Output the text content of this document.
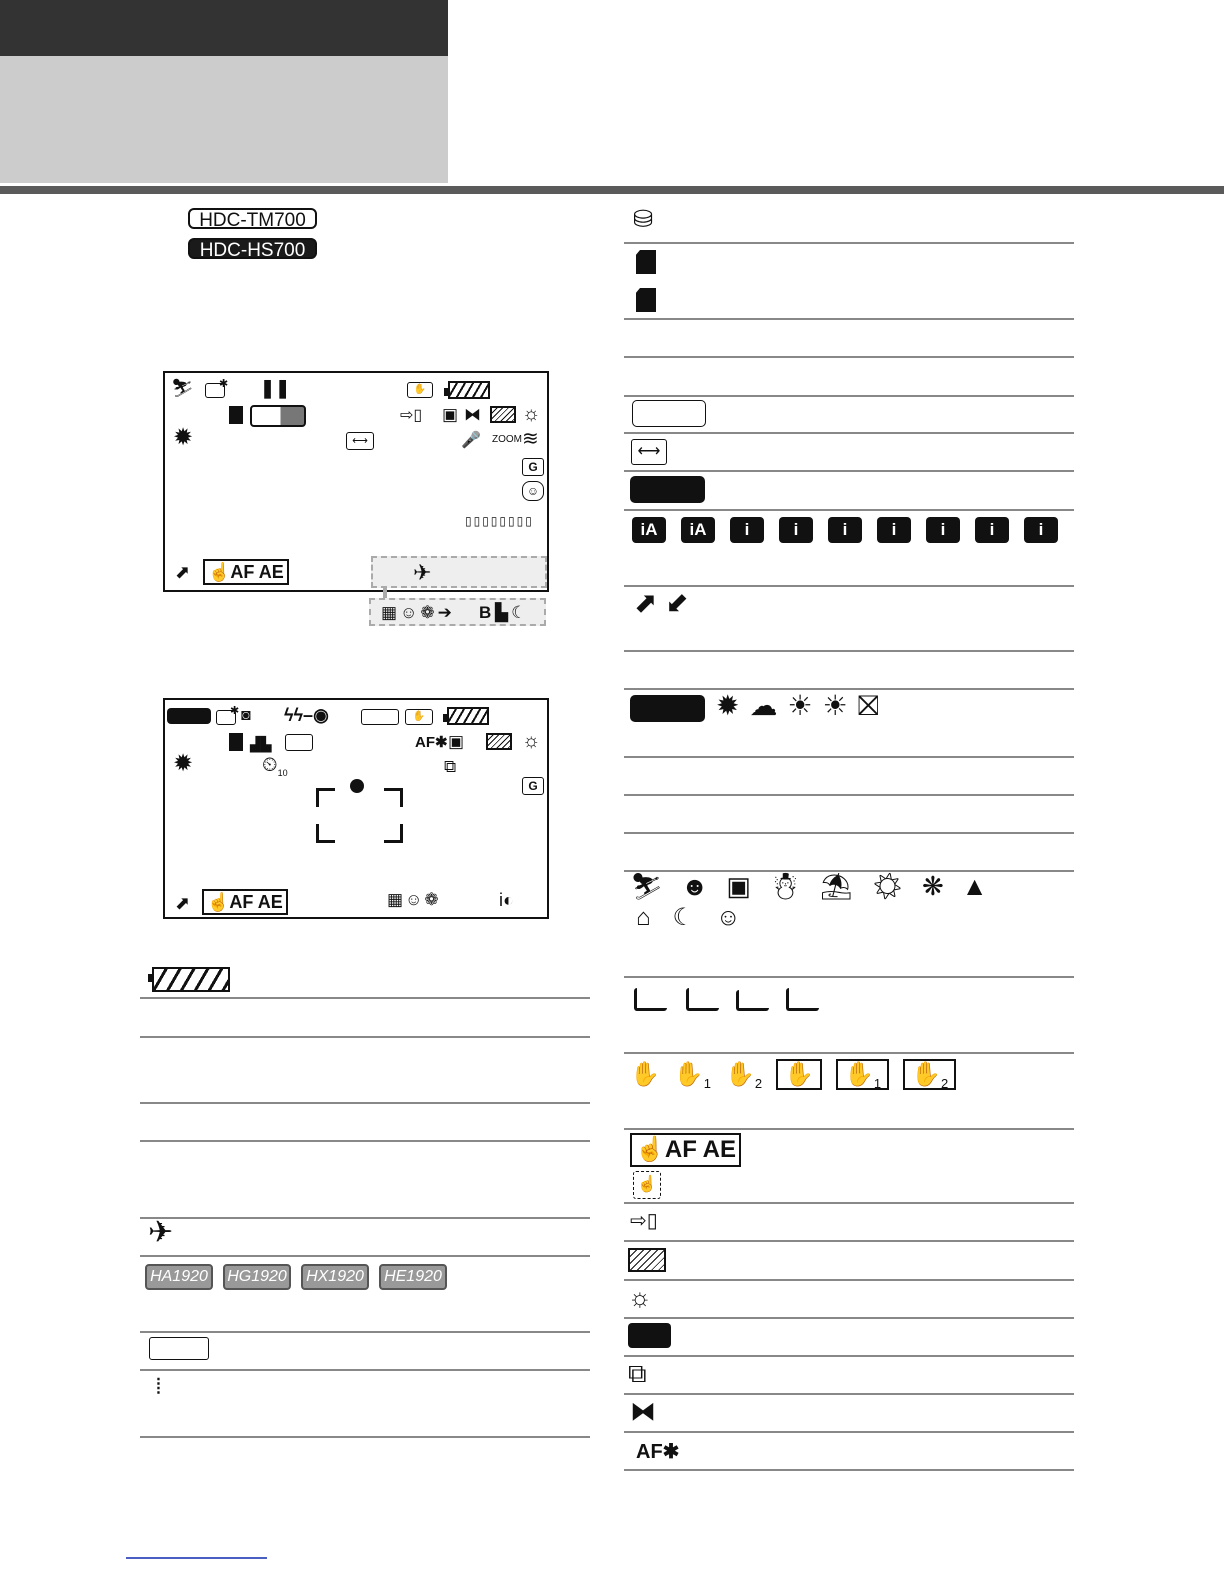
HDC-TM700
HDC-HS700
⛷ ✱ ❚❚	✋
⇨▯ ▣ ⧓ ☼
✹	⟷	🎤 ZOOM ≋
G
☺
▯▯▯▯▯▯▯▯
⬈ ☝AF AE	✈
▦☺❁➔ B ▙☾
✱ ◙ ϟϟ–◉	✋
▟▙	AF✱ ▣	☼
✹	$⏲_{10}$	⧉
G
⬈ ☝AF AE	▦☺❁	i◐
✈
HA1920 HG1920 HX1920 HE1920
⦙
⛁
⟷
iA iA i	i	i	i	i	i	i
⬈ ⬋
✹☁☀☀⛝
⛷☻▣☃⛱☀❋▲
⌂☾☺
✋ $✋_1$ $✋_2$ ✋ $✋_1$ $✋_2$
☝AF AE
☝
⇨▯
☼
⧉
⧓
AF✱
